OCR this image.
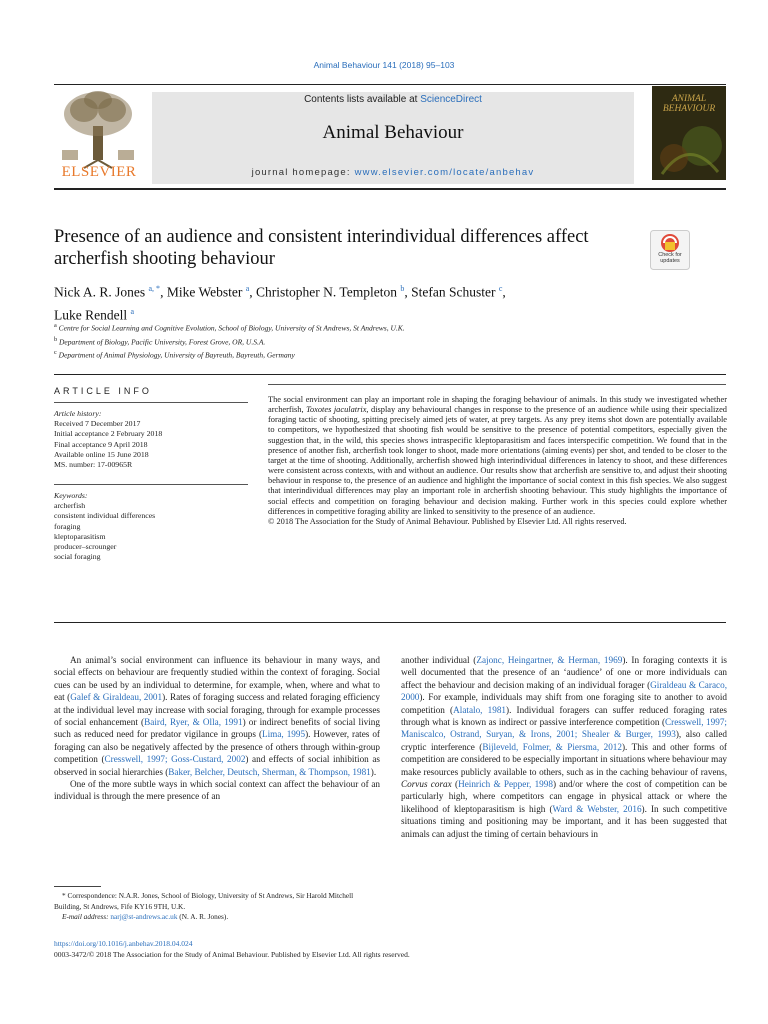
Animal Behaviour 141 (2018) 95–103
ELSEVIER
Contents lists available at ScienceDirect
Animal Behaviour
journal homepage: www.elsevier.com/locate/anbehav
ANIMAL
BEHAVIOUR
Presence of an audience and consistent interindividual differences affect archerfish shooting behaviour	Check for
updates
Nick A. R. Jones $^{a, *}$, Mike Webster $^a$, Christopher N. Templeton $^b$, Stefan Schuster $^c$,
Luke Rendell $^a$
$^a$ Centre for Social Learning and Cognitive Evolution, School of Biology, University of St Andrews, St Andrews, U.K.
$^b$ Department of Biology, Pacific University, Forest Grove, OR, U.S.A.
$^c$ Department of Animal Physiology, University of Bayreuth, Bayreuth, Germany
ARTICLE INFO
Article history:
Received 7 December 2017
Initial acceptance 2 February 2018
Final acceptance 9 April 2018
Available online 15 June 2018
MS. number: 17-00965R
Keywords:
archerfish
consistent individual differences
foraging
kleptoparasitism
producer–scrounger
social foraging

The social environment can play an important role in shaping the foraging behaviour of animals. In this study we investigated whether archerfish, Toxotes jaculatrix, display any behavioural changes in response to the presence of an audience while using their specialized foraging tactic of shooting, spitting precisely aimed jets of water, at prey targets. As any prey items shot down are potentially available to competitors, we hypothesized that shooting fish would be sensitive to the presence of potential competitors, especially given the suggestion that, in the wild, this species shows intraspecific kleptoparasitism and faces interspecific competition. We found that in the presence of another fish, archerfish took longer to shoot, made more orientations (aiming events) per shot, and tended to be closer to the target at the time of shooting. Additionally, archerfish showed high interindividual differences in latency to shoot, and these differences were consistent across contexts, with and without an audience. Our results show that archerfish are sensitive to, and adjust their shooting behaviour in response to, the presence of an audience and highlight the importance of social context in this fish species. We also suggest that interindividual differences may play an important role in archerfish shooting behaviour. This study highlights the importance of social effects and competition on foraging behaviour and decision making. Further work in this species could explore whether differences in competitive foraging ability are linked to sensitivity to the presence of an audience.

© 2018 The Association for the Study of Animal Behaviour. Published by Elsevier Ltd. All rights reserved.

An animal’s social environment can influence its behaviour in many ways, and social effects on behaviour are frequently studied within the context of foraging. Social cues can be used by an individual to determine, for example, when, where and what to eat (Galef & Giraldeau, 2001). Rates of foraging success and related foraging efficiency at the individual level may increase with social foraging, through for example processes of social enhancement (Baird, Ryer, & Olla, 1991) or indirect benefits of social living such as reduced need for predator vigilance in groups (Lima, 1995). However, rates of foraging can also be negatively affected by the presence of others through within-group competition (Cresswell, 1997; Goss-Custard, 2002) and effects of social inhibition as observed in social hierarchies (Baker, Belcher, Deutsch, Sherman, & Thompson, 1981).

One of the more subtle ways in which social context can affect the behaviour of an individual is through the mere presence of an

another individual (Zajonc, Heingartner, & Herman, 1969). In foraging contexts it is well documented that the presence of an ‘audience’ of one or more individuals can affect the behaviour and decision making of an individual forager (Giraldeau & Caraco, 2000). For example, individuals may shift from one foraging site to another to avoid competition (Alatalo, 1981). Individual foragers can suffer reduced foraging rates through what is known as indirect or passive interference competition (Cresswell, 1997; Maniscalco, Ostrand, Suryan, & Irons, 2001; Shealer & Burger, 1993), also called cryptic interference (Bijleveld, Folmer, & Piersma, 2012). This and other forms of competition are considered to be especially important in situations where behaviour may make resources publicly available to others, such as in the caching behaviour of ravens, Corvus corax (Heinrich & Pepper, 1998) and/or where the cost of competition can be particularly high, where competitors can engage in physical attack or where the likelihood of kleptoparasitism is high (Ward & Webster, 2016). In such competitive situations timing and positioning may be important, and it has been suggested that animals can adjust the timing of certain behaviours in

* Correspondence: N.A.R. Jones, School of Biology, University of St Andrews, Sir Harold Mitchell Building, St Andrews, Fife KY16 9TH, U.K.

E-mail address: narj@st-andrews.ac.uk (N. A. R. Jones).

https://doi.org/10.1016/j.anbehav.2018.04.024
0003-3472/© 2018 The Association for the Study of Animal Behaviour. Published by Elsevier Ltd. All rights reserved.
